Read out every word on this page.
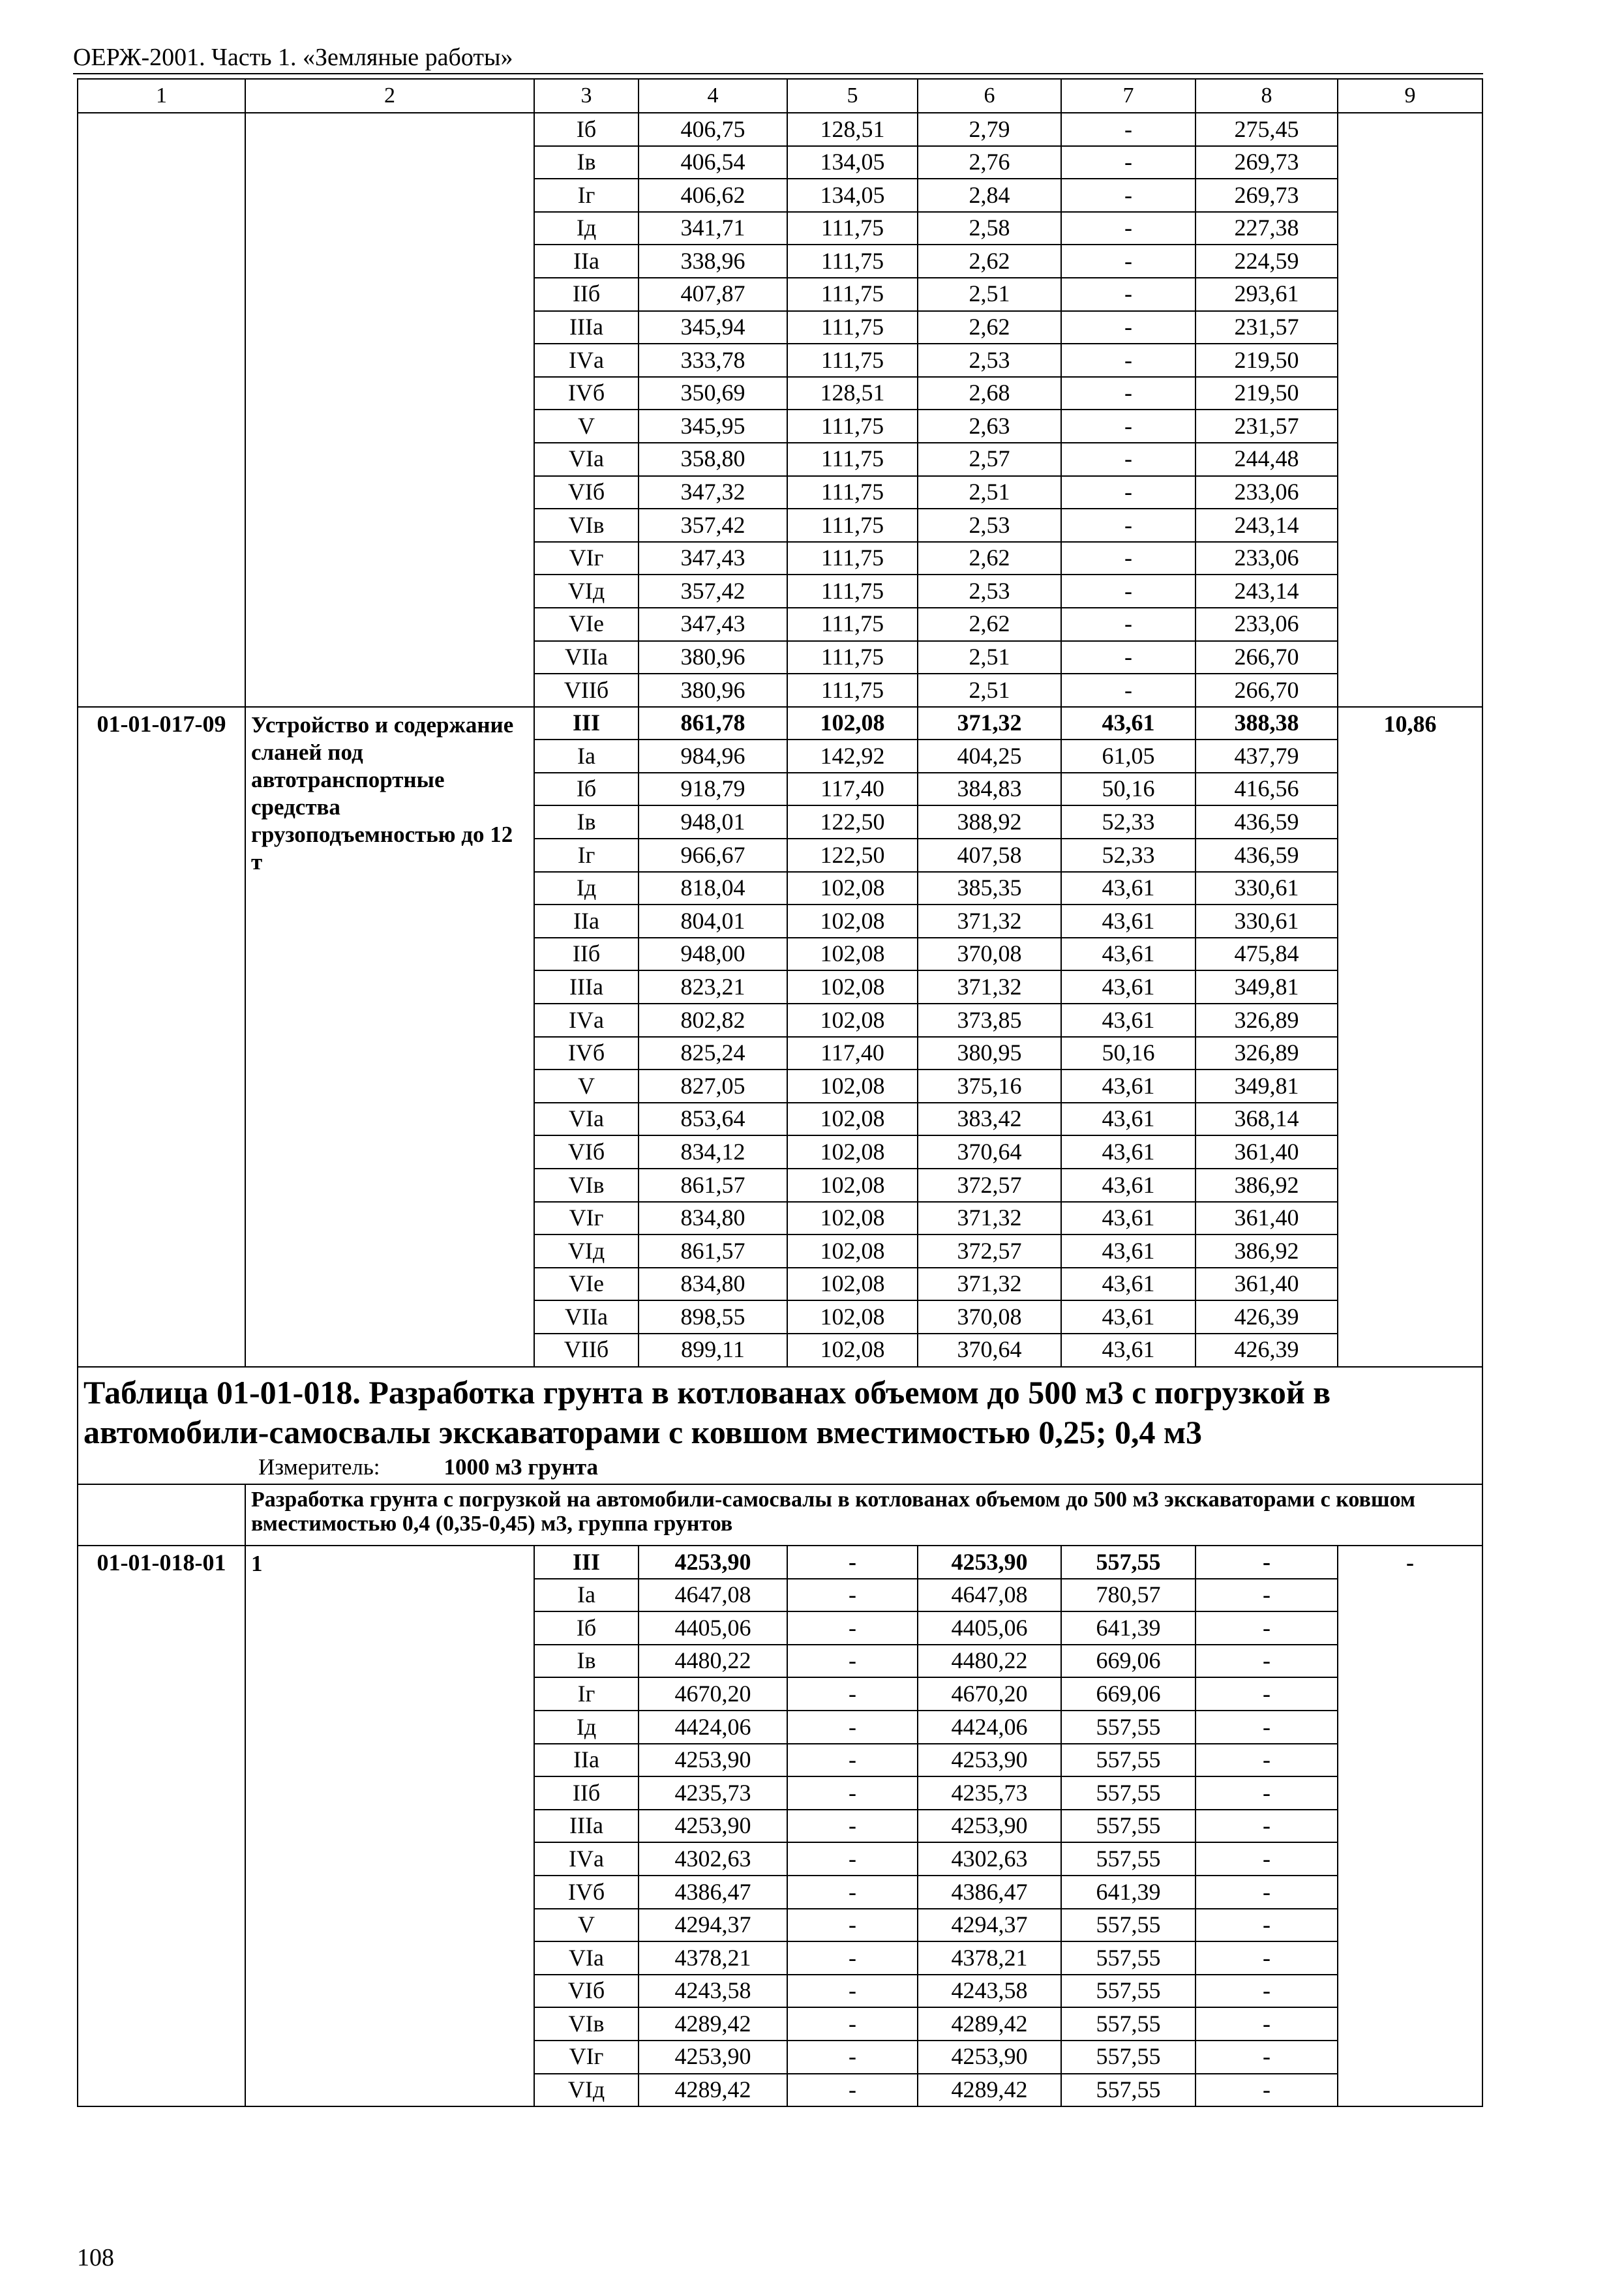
ОЕРЖ-2001. Часть 1. «Земляные работы»
1	2	3	4	5	6	7	8	9
		Iб	406,75	128,51	2,79	-	275,45	
		Iв	406,54	134,05	2,76	-	269,73	
		Iг	406,62	134,05	2,84	-	269,73	
		Iд	341,71	111,75	2,58	-	227,38	
		IIа	338,96	111,75	2,62	-	224,59	
		IIб	407,87	111,75	2,51	-	293,61	
		IIIа	345,94	111,75	2,62	-	231,57	
		IVа	333,78	111,75	2,53	-	219,50	
		IVб	350,69	128,51	2,68	-	219,50	
		V	345,95	111,75	2,63	-	231,57	
		VIа	358,80	111,75	2,57	-	244,48	
		VIб	347,32	111,75	2,51	-	233,06	
		VIв	357,42	111,75	2,53	-	243,14	
		VIг	347,43	111,75	2,62	-	233,06	
		VIд	357,42	111,75	2,53	-	243,14	
		VIе	347,43	111,75	2,62	-	233,06	
		VIIа	380,96	111,75	2,51	-	266,70	
		VIIб	380,96	111,75	2,51	-	266,70	
01-01-017-09	Устройство и содержание сланей под автотранспортные средства грузоподъемностью до 12 т	III	861,78	102,08	371,32	43,61	388,38	10,86
		Iа	984,96	142,92	404,25	61,05	437,79	
		Iб	918,79	117,40	384,83	50,16	416,56	
		Iв	948,01	122,50	388,92	52,33	436,59	
		Iг	966,67	122,50	407,58	52,33	436,59	
		Iд	818,04	102,08	385,35	43,61	330,61	
		IIа	804,01	102,08	371,32	43,61	330,61	
		IIб	948,00	102,08	370,08	43,61	475,84	
		IIIа	823,21	102,08	371,32	43,61	349,81	
		IVа	802,82	102,08	373,85	43,61	326,89	
		IVб	825,24	117,40	380,95	50,16	326,89	
		V	827,05	102,08	375,16	43,61	349,81	
		VIа	853,64	102,08	383,42	43,61	368,14	
		VIб	834,12	102,08	370,64	43,61	361,40	
		VIв	861,57	102,08	372,57	43,61	386,92	
		VIг	834,80	102,08	371,32	43,61	361,40	
		VIд	861,57	102,08	372,57	43,61	386,92	
		VIе	834,80	102,08	371,32	43,61	361,40	
		VIIа	898,55	102,08	370,08	43,61	426,39	
		VIIб	899,11	102,08	370,64	43,61	426,39	

Таблица 01-01-018. Разработка грунта в котлованах объемом до 500 м3 с погрузкой в автомобили-самосвалы экскаваторами с ковшом вместимостью 0,25; 0,4 м3
Измеритель: 1000 м3 грунта								

	Разработка грунта с погрузкой на автомобили-самосвалы в котлованах объемом до 500 м3 экскаваторами с ковшом вместимостью 0,4 (0,35-0,45) м3, группа грунтов							
01-01-018-01	1	III	4253,90	-	4253,90	557,55	-	-
		Iа	4647,08	-	4647,08	780,57	-	
		Iб	4405,06	-	4405,06	641,39	-	
		Iв	4480,22	-	4480,22	669,06	-	
		Iг	4670,20	-	4670,20	669,06	-	
		Iд	4424,06	-	4424,06	557,55	-	
		IIа	4253,90	-	4253,90	557,55	-	
		IIб	4235,73	-	4235,73	557,55	-	
		IIIа	4253,90	-	4253,90	557,55	-	
		IVа	4302,63	-	4302,63	557,55	-	
		IVб	4386,47	-	4386,47	641,39	-	
		V	4294,37	-	4294,37	557,55	-	
		VIа	4378,21	-	4378,21	557,55	-	
		VIб	4243,58	-	4243,58	557,55	-	
		VIв	4289,42	-	4289,42	557,55	-	
		VIг	4253,90	-	4253,90	557,55	-	
		VIд	4289,42	-	4289,42	557,55	-	
108
